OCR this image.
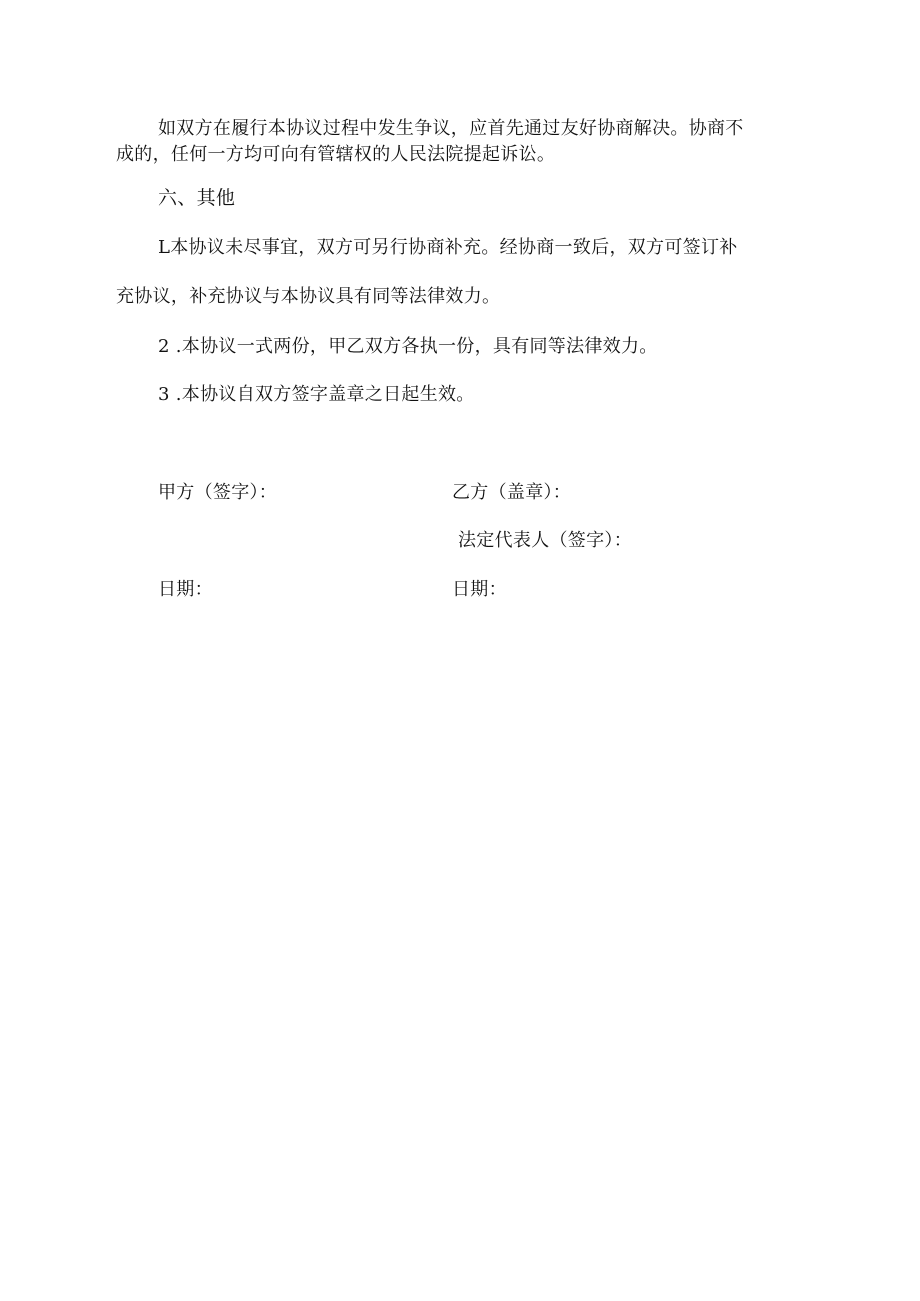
如双方在履行本协议过程中发生争议，应首先通过友好协商解决。协商不
成的，任何一方均可向有管辖权的人民法院提起诉讼。
六、其他
L本协议未尽事宜，双方可另行协商补充。经协商一致后，双方可签订补
充协议，补充协议与本协议具有同等法律效力。
2 .本协议一式两份，甲乙双方各执一份，具有同等法律效力。
3 .本协议自双方签字盖章之日起生效。
甲方（签字）：	乙方（盖章）：
法定代表人（签字）：
日期：	日期：
